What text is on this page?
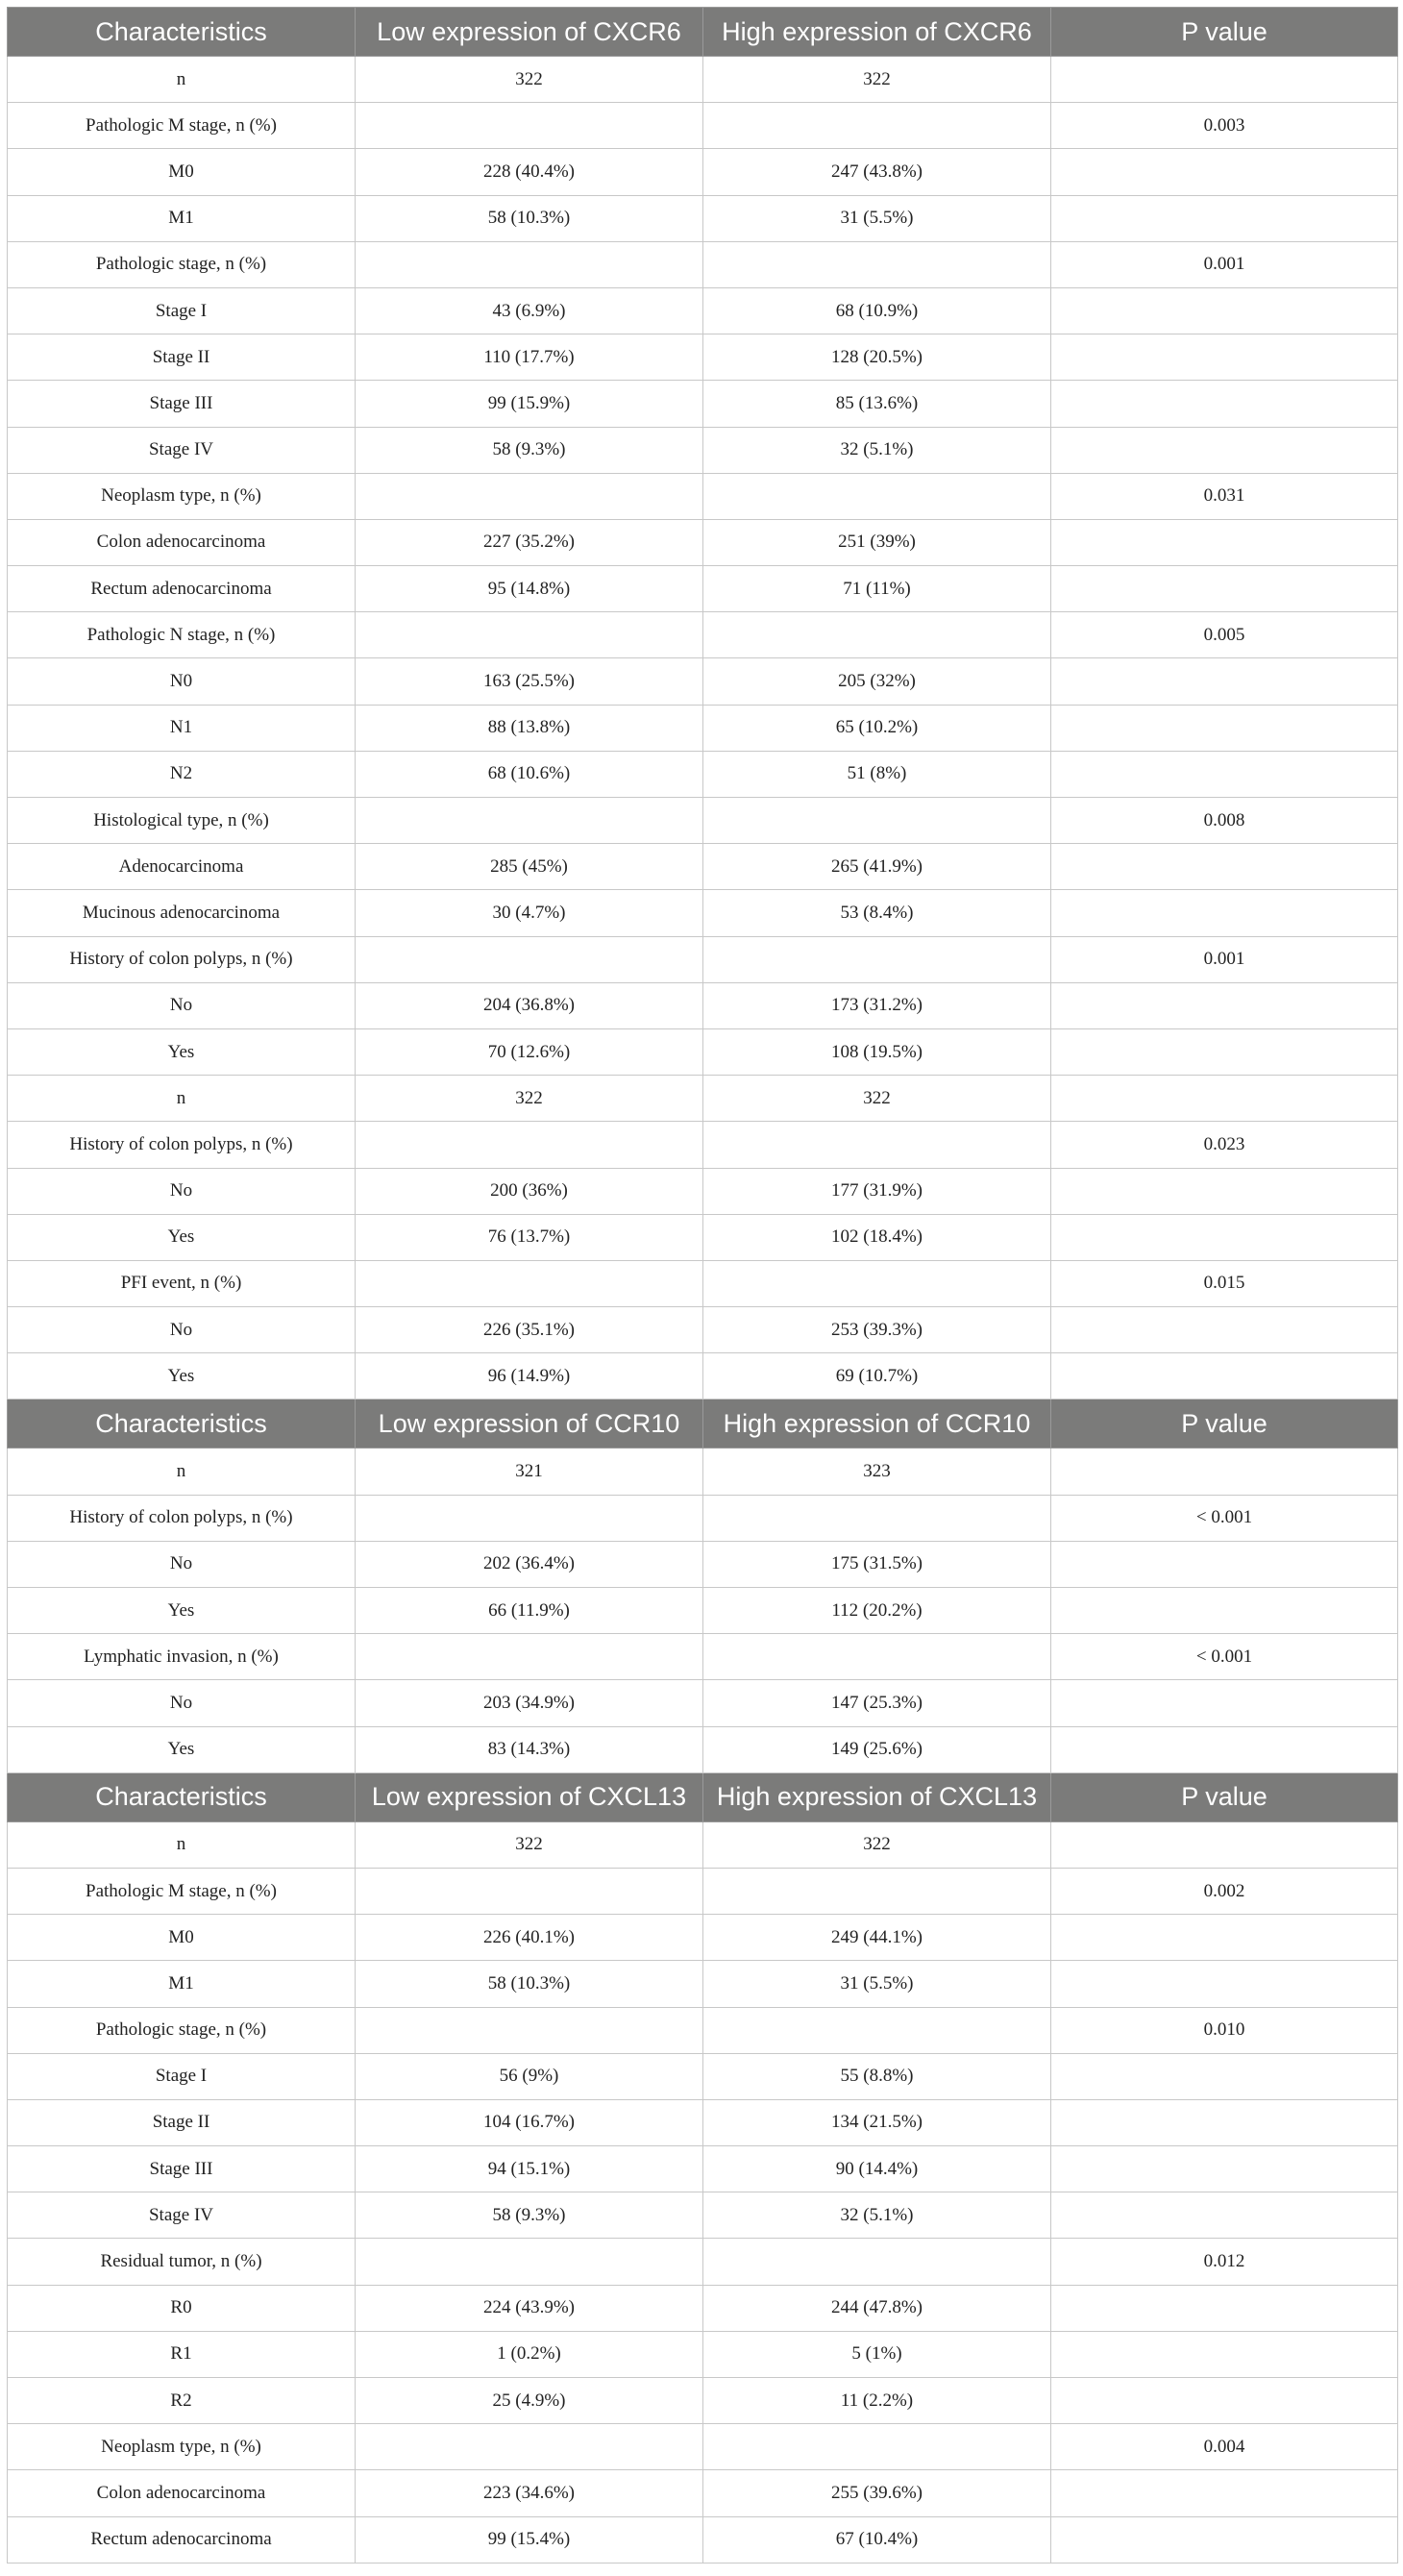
Characteristics	Low expression of CXCR6	High expression of CXCR6	P value
n	322	322	
Pathologic M stage, n (%)			0.003
M0	228 (40.4%)	247 (43.8%)	
M1	58 (10.3%)	31 (5.5%)	
Pathologic stage, n (%)			0.001
Stage I	43 (6.9%)	68 (10.9%)	
Stage II	110 (17.7%)	128 (20.5%)	
Stage III	99 (15.9%)	85 (13.6%)	
Stage IV	58 (9.3%)	32 (5.1%)	
Neoplasm type, n (%)			0.031
Colon adenocarcinoma	227 (35.2%)	251 (39%)	
Rectum adenocarcinoma	95 (14.8%)	71 (11%)	
Pathologic N stage, n (%)			0.005
N0	163 (25.5%)	205 (32%)	
N1	88 (13.8%)	65 (10.2%)	
N2	68 (10.6%)	51 (8%)	
Histological type, n (%)			0.008
Adenocarcinoma	285 (45%)	265 (41.9%)	
Mucinous adenocarcinoma	30 (4.7%)	53 (8.4%)	
History of colon polyps, n (%)			0.001
No	204 (36.8%)	173 (31.2%)	
Yes	70 (12.6%)	108 (19.5%)	
n	322	322	
History of colon polyps, n (%)			0.023
No	200 (36%)	177 (31.9%)	
Yes	76 (13.7%)	102 (18.4%)	
PFI event, n (%)			0.015
No	226 (35.1%)	253 (39.3%)	
Yes	96 (14.9%)	69 (10.7%)	
Characteristics	Low expression of CCR10	High expression of CCR10	P value
n	321	323	
History of colon polyps, n (%)			< 0.001
No	202 (36.4%)	175 (31.5%)	
Yes	66 (11.9%)	112 (20.2%)	
Lymphatic invasion, n (%)			< 0.001
No	203 (34.9%)	147 (25.3%)	
Yes	83 (14.3%)	149 (25.6%)	
Characteristics	Low expression of CXCL13	High expression of CXCL13	P value
n	322	322	
Pathologic M stage, n (%)			0.002
M0	226 (40.1%)	249 (44.1%)	
M1	58 (10.3%)	31 (5.5%)	
Pathologic stage, n (%)			0.010
Stage I	56 (9%)	55 (8.8%)	
Stage II	104 (16.7%)	134 (21.5%)	
Stage III	94 (15.1%)	90 (14.4%)	
Stage IV	58 (9.3%)	32 (5.1%)	
Residual tumor, n (%)			0.012
R0	224 (43.9%)	244 (47.8%)	
R1	1 (0.2%)	5 (1%)	
R2	25 (4.9%)	11 (2.2%)	
Neoplasm type, n (%)			0.004
Colon adenocarcinoma	223 (34.6%)	255 (39.6%)	
Rectum adenocarcinoma	99 (15.4%)	67 (10.4%)	
